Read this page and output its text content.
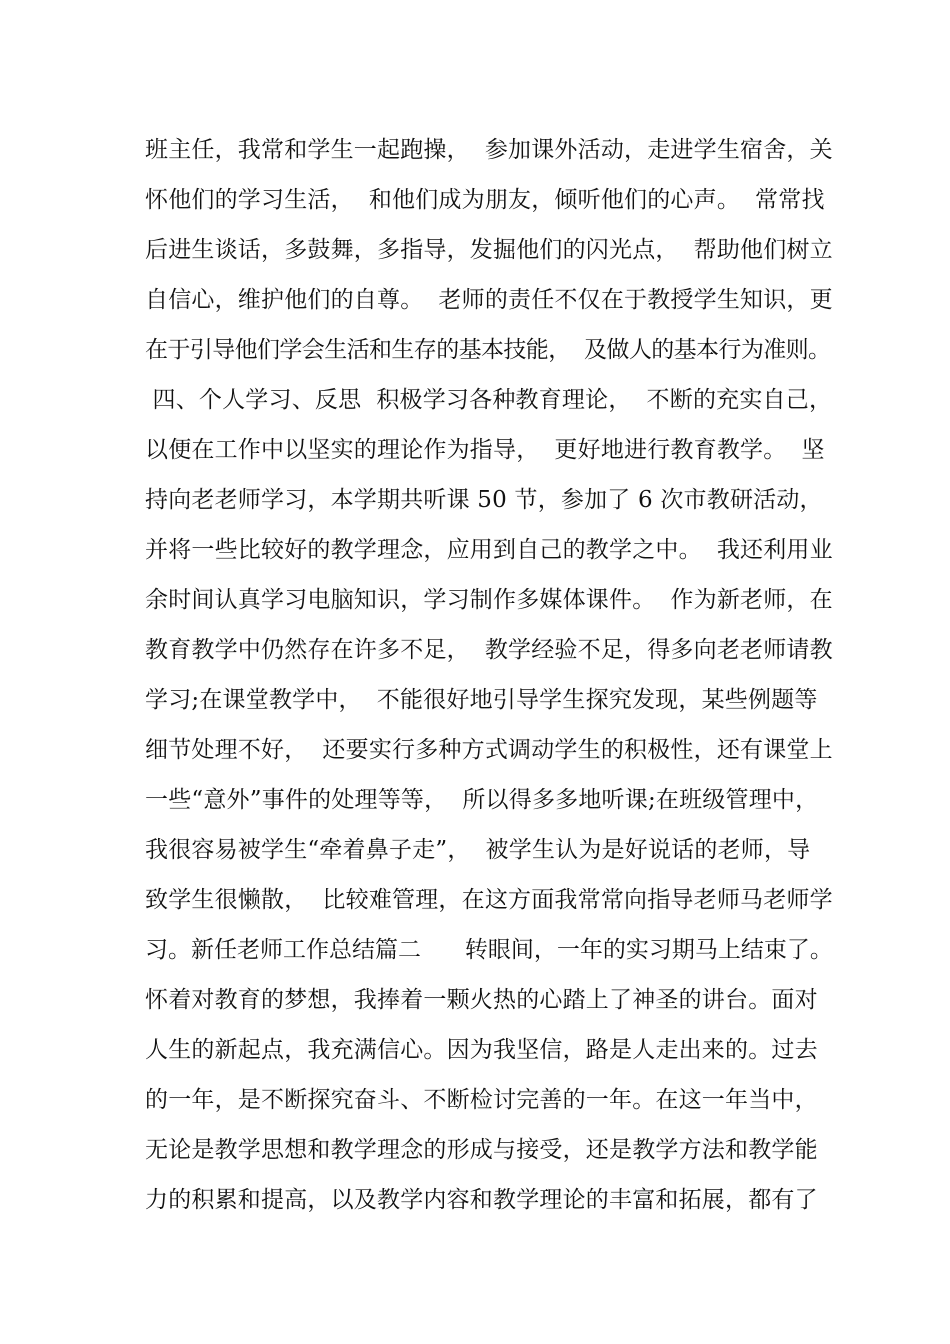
班主任，我常和学生一起跑操，  参加课外活动，走进学生宿舍，关
怀他们的学习生活，  和他们成为朋友，倾听他们的心声。  常常找
后进生谈话，多鼓舞，多指导，发掘他们的闪光点，  帮助他们树立
自信心，维护他们的自尊。  老师的责任不仅在于教授学生知识，更
在于引导他们学会生活和生存的基本技能，  及做人的基本行为准则。
四、个人学习、反思  积极学习各种教育理论，  不断的充实自己，
以便在工作中以坚实的理论作为指导，  更好地进行教育教学。  坚
持向老老师学习，本学期共听课 50 节，参加了 6 次市教研活动，
并将一些比较好的教学理念，应用到自己的教学之中。  我还利用业
余时间认真学习电脑知识，学习制作多媒体课件。  作为新老师，在
教育教学中仍然存在许多不足，  教学经验不足，得多向老老师请教
学习;在课堂教学中，  不能很好地引导学生探究发现，某些例题等
细节处理不好，  还要实行多种方式调动学生的积极性，还有课堂上
一些“意外”事件的处理等等，  所以得多多地听课;在班级管理中，
我很容易被学生“牵着鼻子走”，  被学生认为是好说话的老师，导
致学生很懒散，  比较难管理，在这方面我常常向指导老师马老师学
习。新任老师工作总结篇二      转眼间，一年的实习期马上结束了。
怀着对教育的梦想，我捧着一颗火热的心踏上了神圣的讲台。面对
人生的新起点，我充满信心。因为我坚信，路是人走出来的。过去
的一年，是不断探究奋斗、不断检讨完善的一年。在这一年当中，
无论是教学思想和教学理念的形成与接受，还是教学方法和教学能
力的积累和提高，以及教学内容和教学理论的丰富和拓展，都有了
